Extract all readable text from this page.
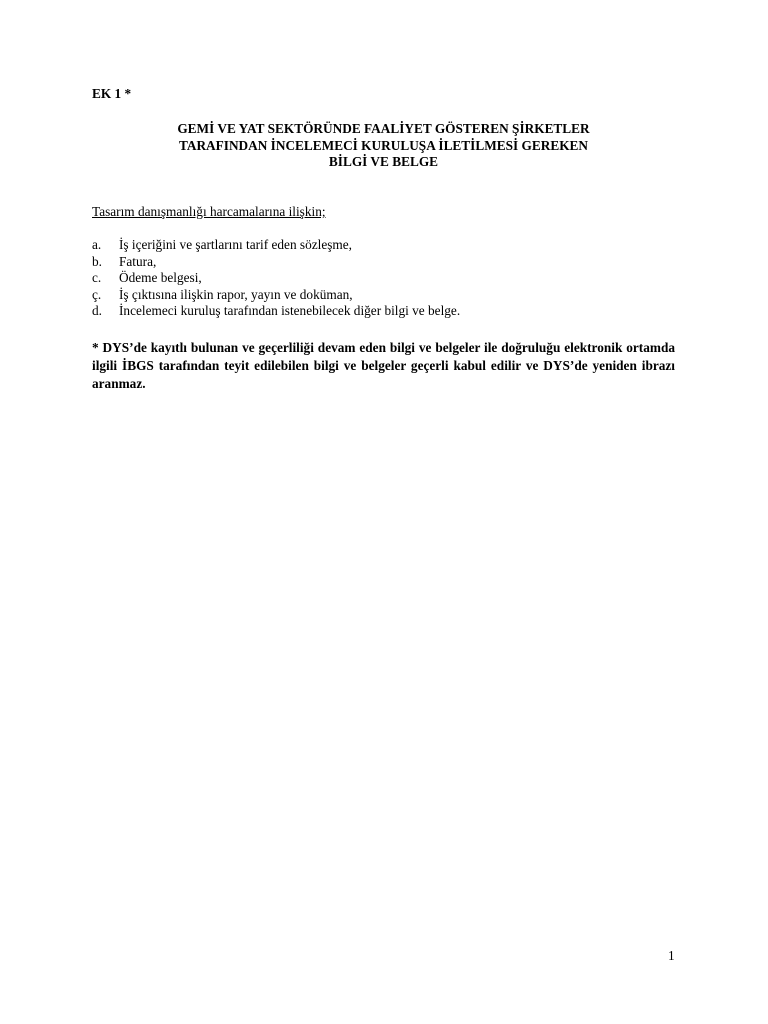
EK 1 *
GEMİ VE YAT SEKTÖRÜNDE FAALİYET GÖSTEREN ŞİRKETLER
TARAFINDAN İNCELEMECİ KURULUŞA İLETİLMESİ GEREKEN
BİLGİ VE BELGE
Tasarım danışmanlığı harcamalarına ilişkin;
a.	İş içeriğini ve şartlarını tarif eden sözleşme,
b.	Fatura,
c.	Ödeme belgesi,
ç.	İş çıktısına ilişkin rapor, yayın ve doküman,
d.	İncelemeci kuruluş tarafından istenebilecek diğer bilgi ve belge.
* DYS’de kayıtlı bulunan ve geçerliliği devam eden bilgi ve belgeler ile doğruluğu elektronik ortamda ilgili İBGS tarafından teyit edilebilen bilgi ve belgeler geçerli kabul edilir ve DYS’de yeniden ibrazı aranmaz.
1
